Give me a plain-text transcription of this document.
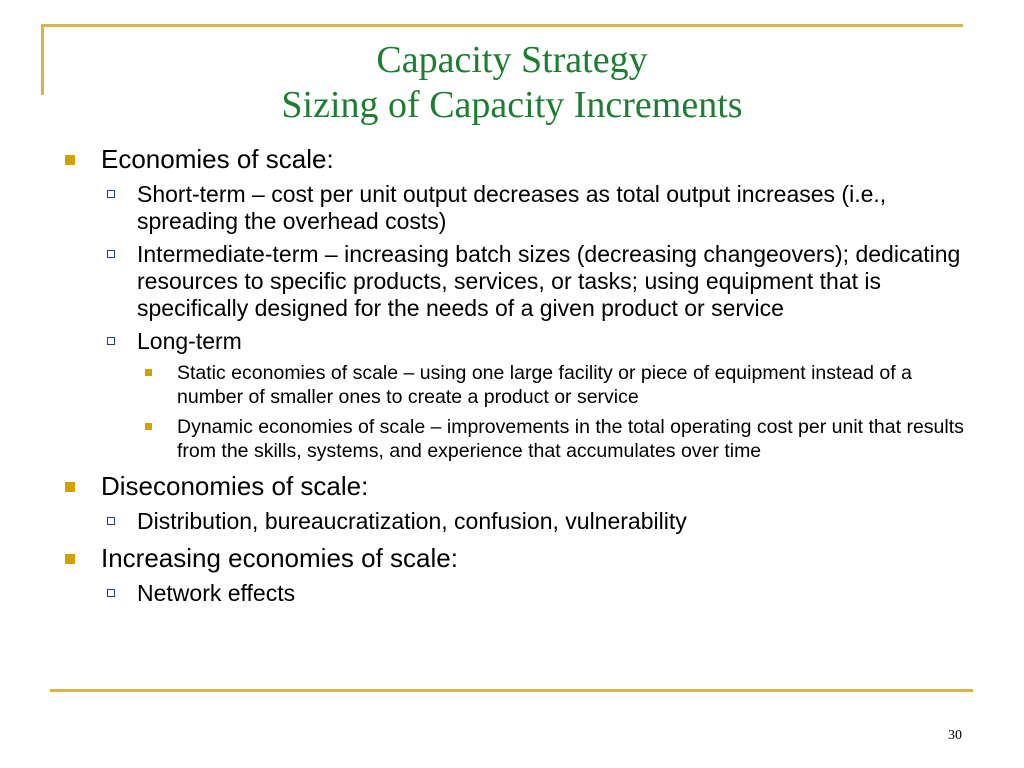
Capacity Strategy
Sizing of Capacity Increments
Economies of scale:
Short-term – cost per unit output decreases as total output increases (i.e., spreading the overhead costs)
Intermediate-term – increasing batch sizes (decreasing changeovers); dedicating resources to specific products, services, or tasks; using equipment that is specifically designed for the needs of a given product or service
Long-term
Static economies of scale – using one large facility or piece of equipment instead of a number of smaller ones to create a product or service
Dynamic economies of scale – improvements in the total operating cost per unit that results from the skills, systems, and experience that accumulates over time
Diseconomies of scale:
Distribution, bureaucratization, confusion, vulnerability
Increasing economies of scale:
Network effects
30
